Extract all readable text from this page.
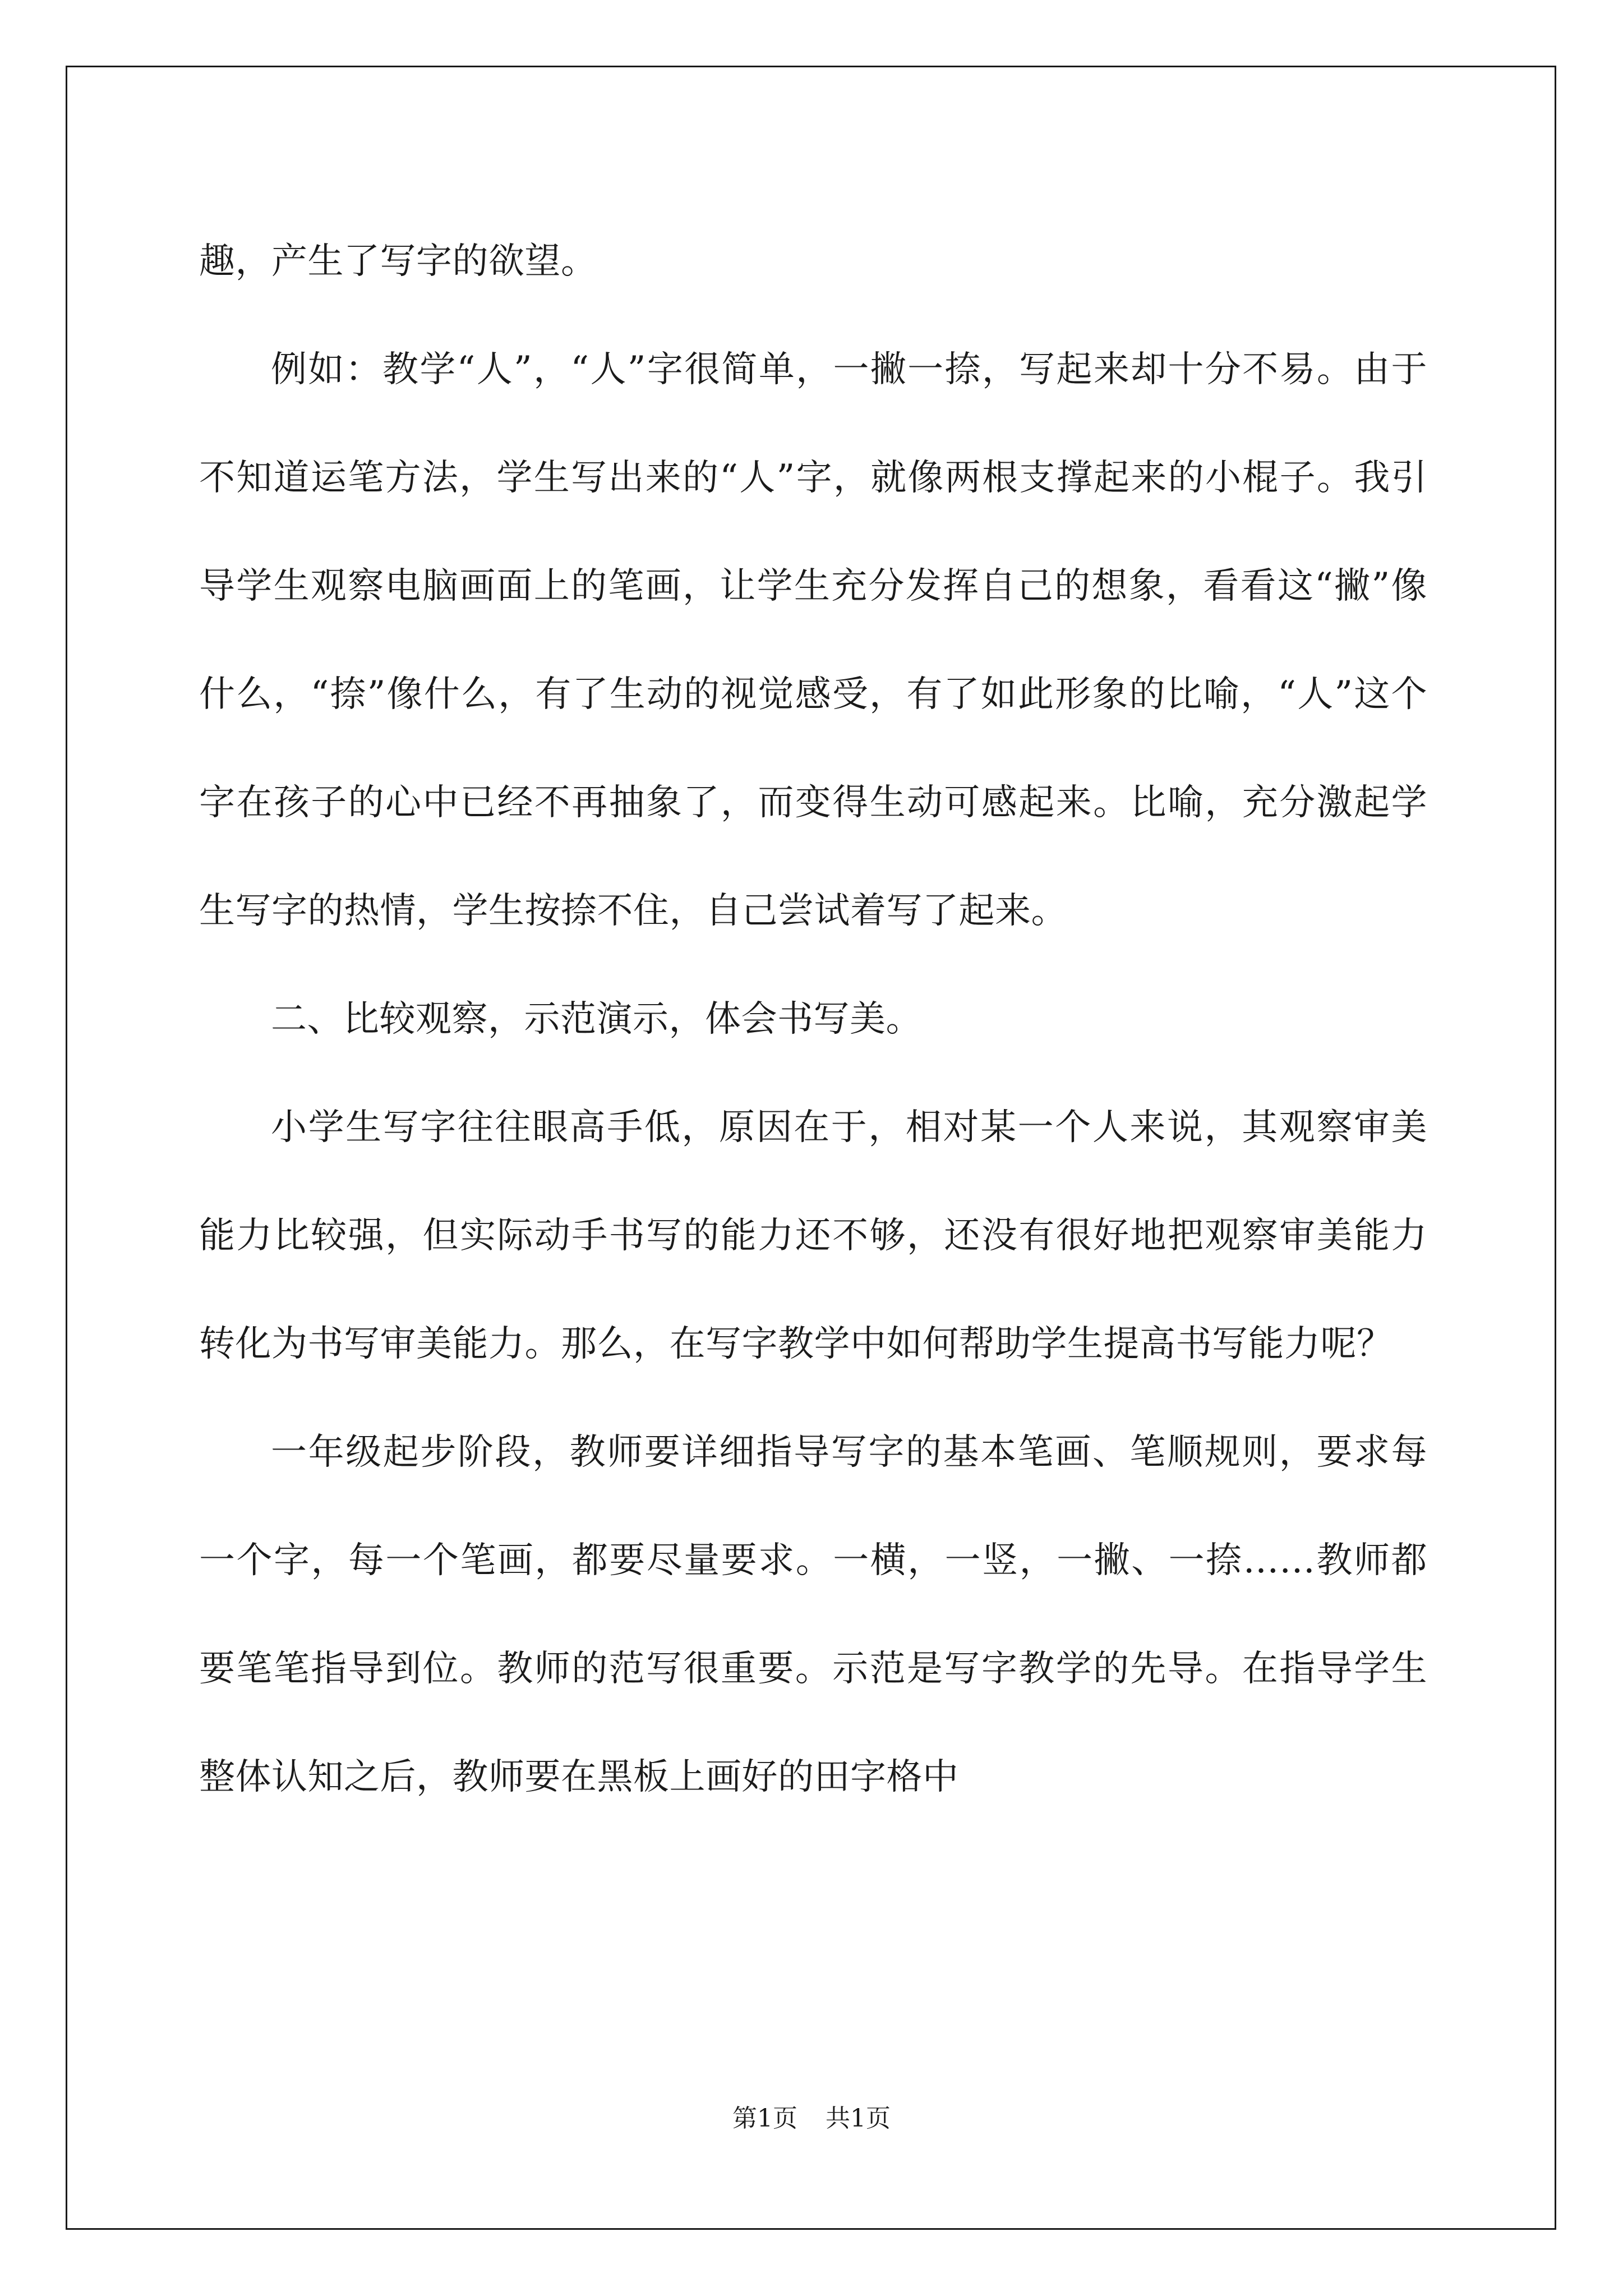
趣，产生了写字的欲望。

例如：教学“人”，“人”字很简单，一撇一捺，写起来却十分不易。由于不知道运笔方法，学生写出来的“人”字，就像两根支撑起来的小棍子。我引导学生观察电脑画面上的笔画，让学生充分发挥自己的想象，看看这“撇”像什么，“捺”像什么，有了生动的视觉感受，有了如此形象的比喻，“人”这个字在孩子的心中已经不再抽象了，而变得生动可感起来。比喻，充分激起学生写字的热情，学生按捺不住，自己尝试着写了起来。

二、比较观察，示范演示，体会书写美。

小学生写字往往眼高手低，原因在于，相对某一个人来说，其观察审美能力比较强，但实际动手书写的能力还不够，还没有很好地把观察审美能力转化为书写审美能力。那么，在写字教学中如何帮助学生提高书写能力呢？

一年级起步阶段，教师要详细指导写字的基本笔画、笔顺规则，要求每一个字，每一个笔画，都要尽量要求。一横，一竖，一撇、一捺……教师都要笔笔指导到位。教师的范写很重要。示范是写字教学的先导。在指导学生整体认知之后，教师要在黑板上画好的田字格中

第1页 共1页
